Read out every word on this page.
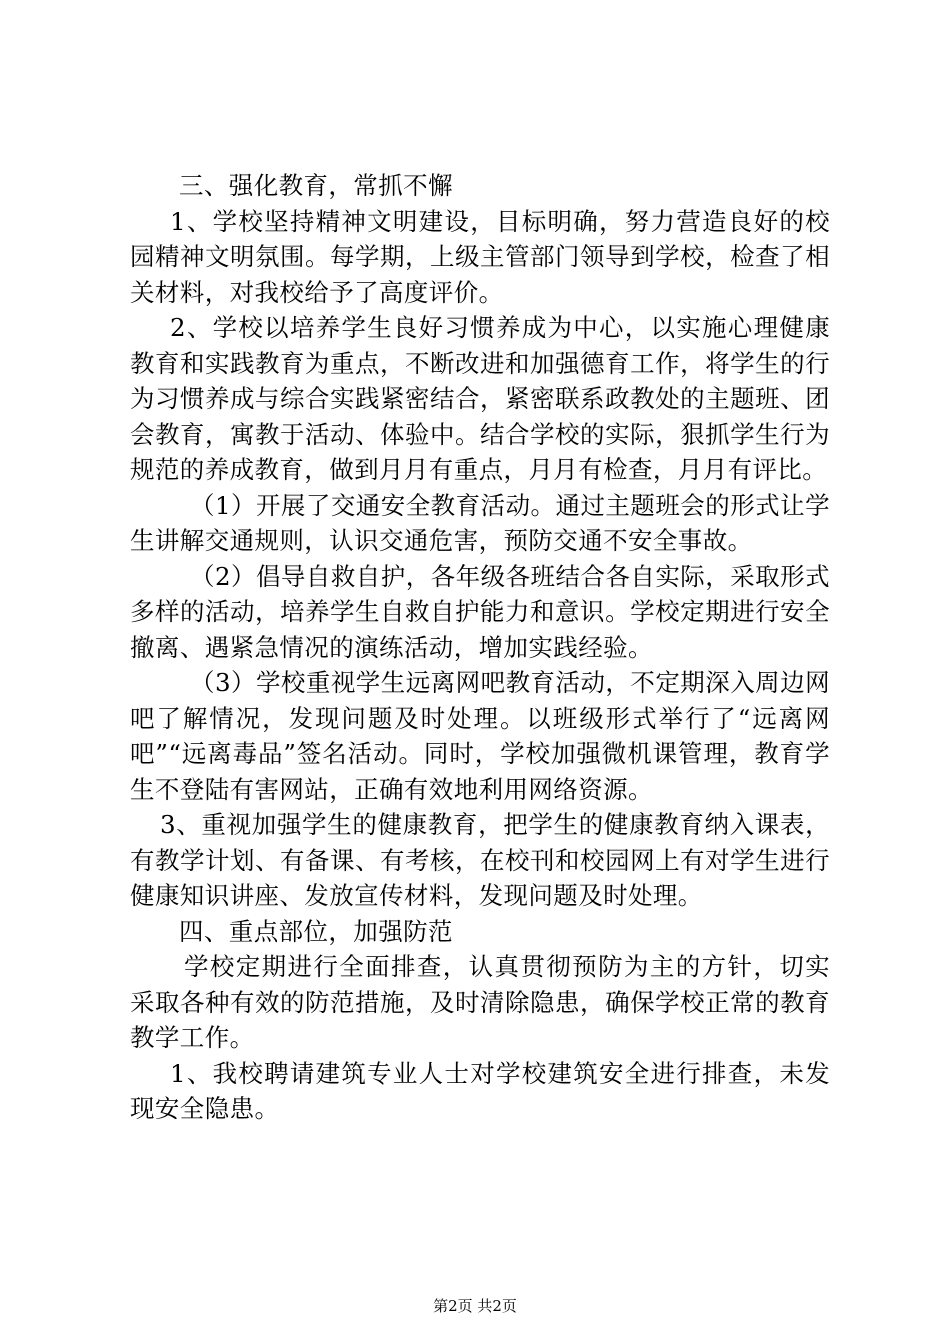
三、强化教育，常抓不懈

1、学校坚持精神文明建设，目标明确，努力营造良好的校园精神文明氛围。每学期，上级主管部门领导到学校，检查了相关材料，对我校给予了高度评价。

2、学校以培养学生良好习惯养成为中心，以实施心理健康教育和实践教育为重点，不断改进和加强德育工作，将学生的行为习惯养成与综合实践紧密结合，紧密联系政教处的主题班、团会教育，寓教于活动、体验中。结合学校的实际，狠抓学生行为规范的养成教育，做到月月有重点，月月有检查，月月有评比。

（1）开展了交通安全教育活动。通过主题班会的形式让学生讲解交通规则，认识交通危害，预防交通不安全事故。

（2）倡导自救自护，各年级各班结合各自实际，采取形式多样的活动，培养学生自救自护能力和意识。学校定期进行安全撤离、遇紧急情况的演练活动，增加实践经验。

（3）学校重视学生远离网吧教育活动，不定期深入周边网吧了解情况，发现问题及时处理。以班级形式举行了“远离网吧”“远离毒品”签名活动。同时，学校加强微机课管理，教育学生不登陆有害网站，正确有效地利用网络资源。

3、重视加强学生的健康教育，把学生的健康教育纳入课表，有教学计划、有备课、有考核，在校刊和校园网上有对学生进行健康知识讲座、发放宣传材料，发现问题及时处理。

四、重点部位，加强防范

学校定期进行全面排查，认真贯彻预防为主的方针，切实采取各种有效的防范措施，及时清除隐患，确保学校正常的教育教学工作。

1、我校聘请建筑专业人士对学校建筑安全进行排查，未发现安全隐患。

第2页 共2页
